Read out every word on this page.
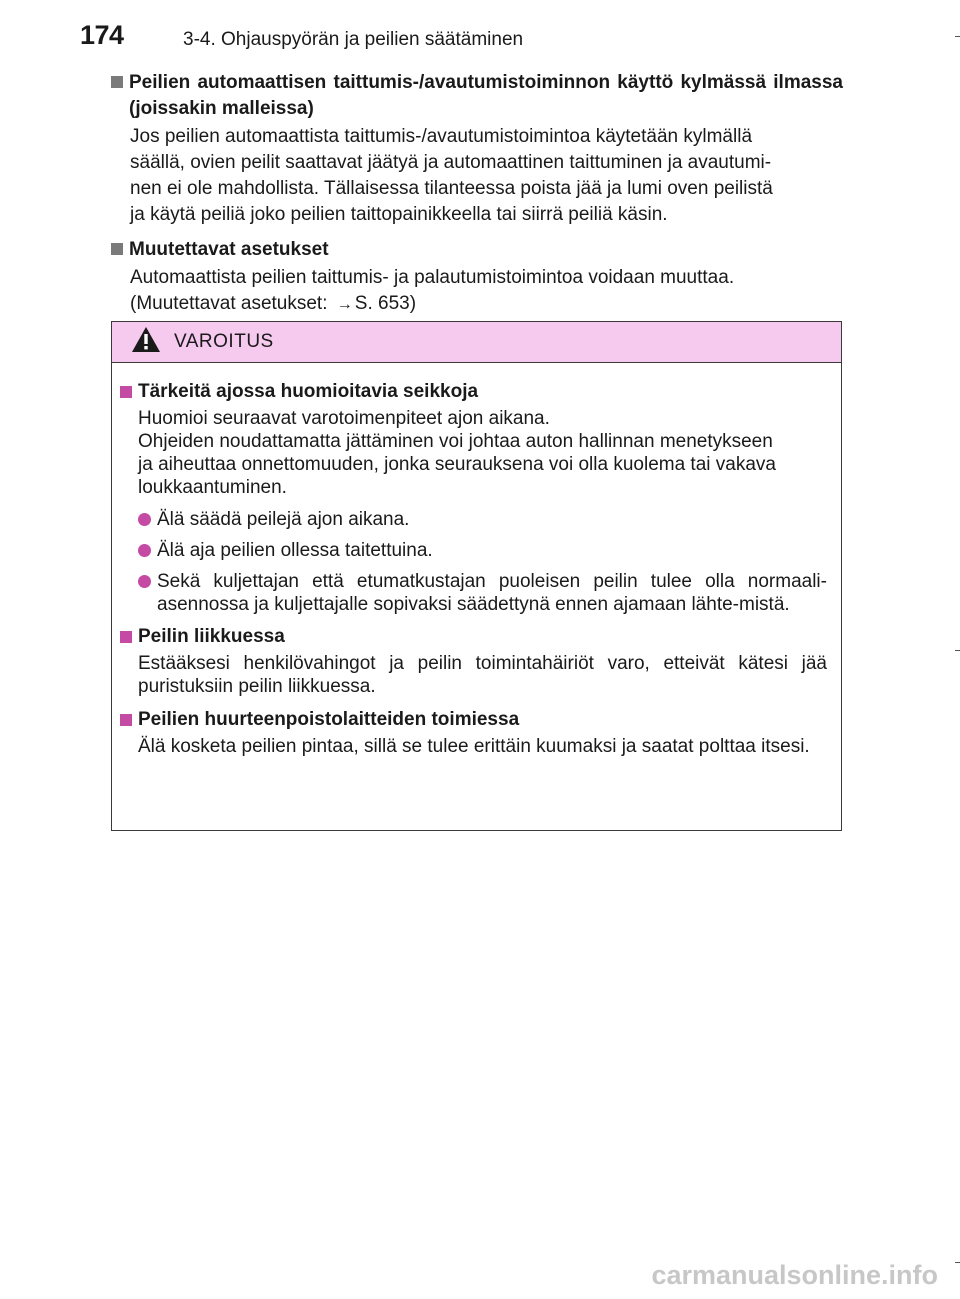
174	3-4. Ohjauspyörän ja peilien säätäminen
Peilien automaattisen taittumis-/avautumistoiminnon käyttö kylmässä ilmassa (joissakin malleissa)
Jos peilien automaattista taittumis-/avautumistoimintoa käytetään kylmällä
säällä, ovien peilit saattavat jäätyä ja automaattinen taittuminen ja avautumi-
nen ei ole mahdollista. Tällaisessa tilanteessa poista jää ja lumi oven peilistä
ja käytä peiliä joko peilien taittopainikkeella tai siirrä peiliä käsin.
Muutettavat asetukset
Automaattista peilien taittumis- ja palautumistoimintoa voidaan muuttaa.
(Muutettavat asetukset: → S. 653)
VAROITUS
Tärkeitä ajossa huomioitavia seikkoja
Huomioi seuraavat varotoimenpiteet ajon aikana.
Ohjeiden noudattamatta jättäminen voi johtaa auton hallinnan menetykseen
ja aiheuttaa onnettomuuden, jonka seurauksena voi olla kuolema tai vakava
loukkaantuminen.
Älä säädä peilejä ajon aikana.
Älä aja peilien ollessa taitettuina.
Sekä kuljettajan että etumatkustajan puoleisen peilin tulee olla normaali-asennossa ja kuljettajalle sopivaksi säädettynä ennen ajamaan lähte-mistä.
Peilin liikkuessa
Estääksesi henkilövahingot ja peilin toimintahäiriöt varo, etteivät kätesi jää puristuksiin peilin liikkuessa.
Peilien huurteenpoistolaitteiden toimiessa
Älä kosketa peilien pintaa, sillä se tulee erittäin kuumaksi ja saatat polttaa itsesi.
carmanualsonline.info
